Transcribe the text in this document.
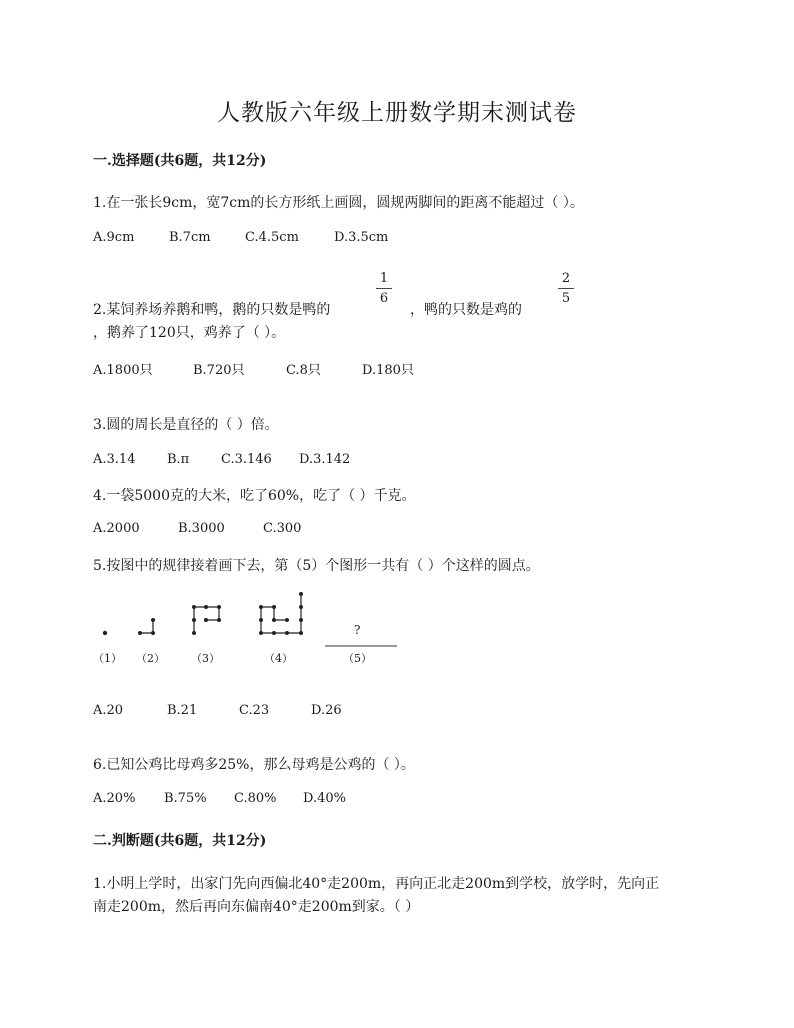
人教版六年级上册数学期末测试卷
一.选择题(共6题，共12分)
1.在一张长9cm，宽7cm的长方形纸上画圆，圆规两脚间的距离不能超过（ ）。
A.9cm	B.7cm	C.4.5cm	D.3.5cm
1
6
2
5
2.某饲养场养鹅和鸭，鹅的只数是鸭的	，鸭的只数是鸡的
，鹅养了120只，鸡养了（ ）。
A.1800只	B.720只	C.8只	D.180只
3.圆的周长是直径的（ ）倍。
A.3.14	B.π	C.3.146	D.3.142
4.一袋5000克的大米，吃了60%，吃了（ ）千克。
A.2000	B.3000	C.300
5.按图中的规律接着画下去，第（5）个图形一共有（ ）个这样的圆点。
?
（1） （2） （3）	（4）	（5）
A.20	B.21	C.23	D.26
6.已知公鸡比母鸡多25%，那么母鸡是公鸡的（ ）。
A.20%	B.75%	C.80%	D.40%
二.判断题(共6题，共12分)
1.小明上学时，出家门先向西偏北40°走200m，再向正北走200m到学校，放学时，先向正
南走200m，然后再向东偏南40°走200m到家。（ ）
